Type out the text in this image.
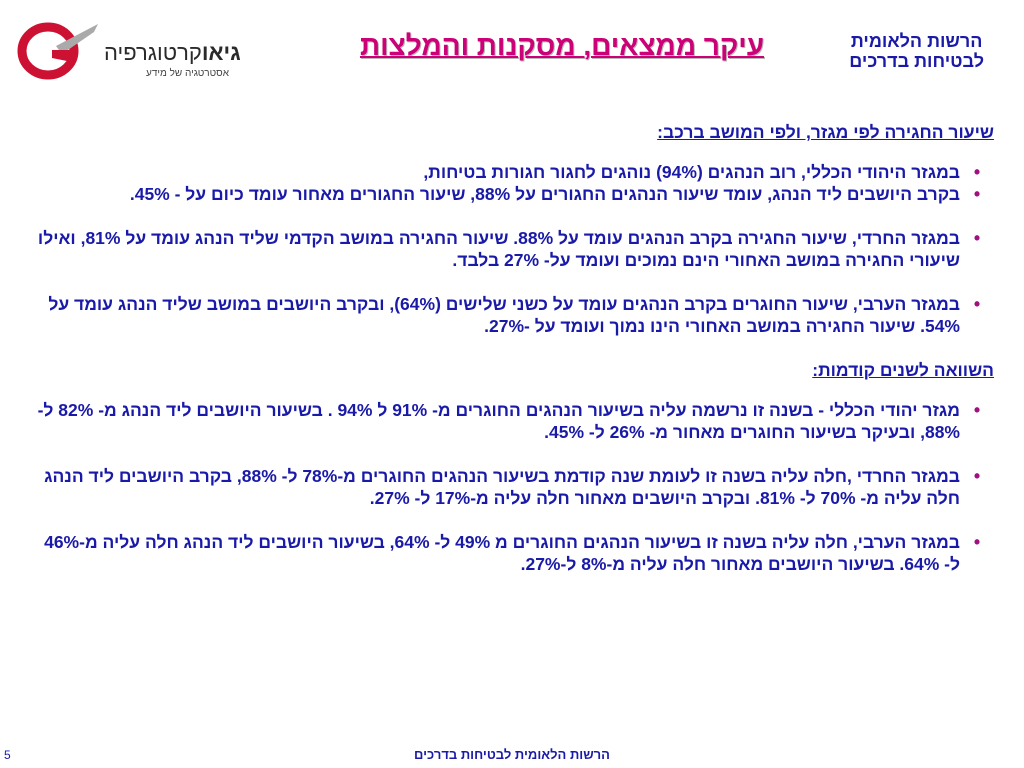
גיאוקרטוגרפיה
אסטרטגיה של מידע
עיקר ממצאים, מסקנות והמלצות	הרשות הלאומית
לבטיחות בדרכים
שיעור החגירה לפי מגזר, ולפי המושב ברכב:
•
במגזר היהודי הכללי, רוב הנהגים (94%) נוהגים לחגור חגורות בטיחות,
•
בקרב היושבים ליד הנהג, עומד שיעור הנהגים החגורים על 88%, שיעור החגורים מאחור עומד כיום על - 45%.
•
במגזר החרדי, שיעור החגירה בקרב הנהגים עומד על 88%. שיעור החגירה במושב הקדמי שליד הנהג עומד על 81%, ואילו שיעורי החגירה במושב האחורי הינם נמוכים ועומד על- 27% בלבד.
•
במגזר הערבי, שיעור החוגרים בקרב הנהגים עומד על כשני שלישים (64%), ובקרב היושבים במושב שליד הנהג עומד על 54%. שיעור החגירה במושב האחורי הינו נמוך ועומד על -27%.
השוואה לשנים קודמות:
•
מגזר יהודי הכללי - בשנה זו נרשמה עליה בשיעור הנהגים החוגרים מ- 91% ל 94% . בשיעור היושבים ליד הנהג מ- 82% ל- 88%, ובעיקר בשיעור החוגרים מאחור מ- 26% ל- 45%.
•
במגזר החרדי ,חלה עליה בשנה זו לעומת שנה קודמת בשיעור הנהגים החוגרים מ-78% ל- 88%, בקרב היושבים ליד הנהג חלה עליה מ- 70% ל- 81%. ובקרב היושבים מאחור חלה עליה מ-17% ל- 27%.
•
במגזר הערבי, חלה עליה בשנה זו בשיעור הנהגים החוגרים מ 49% ל- 64%, בשיעור היושבים ליד הנהג חלה עליה מ-46% ל- 64%. בשיעור היושבים מאחור חלה עליה מ-8% ל-27%.
5	הרשות הלאומית לבטיחות בדרכים
